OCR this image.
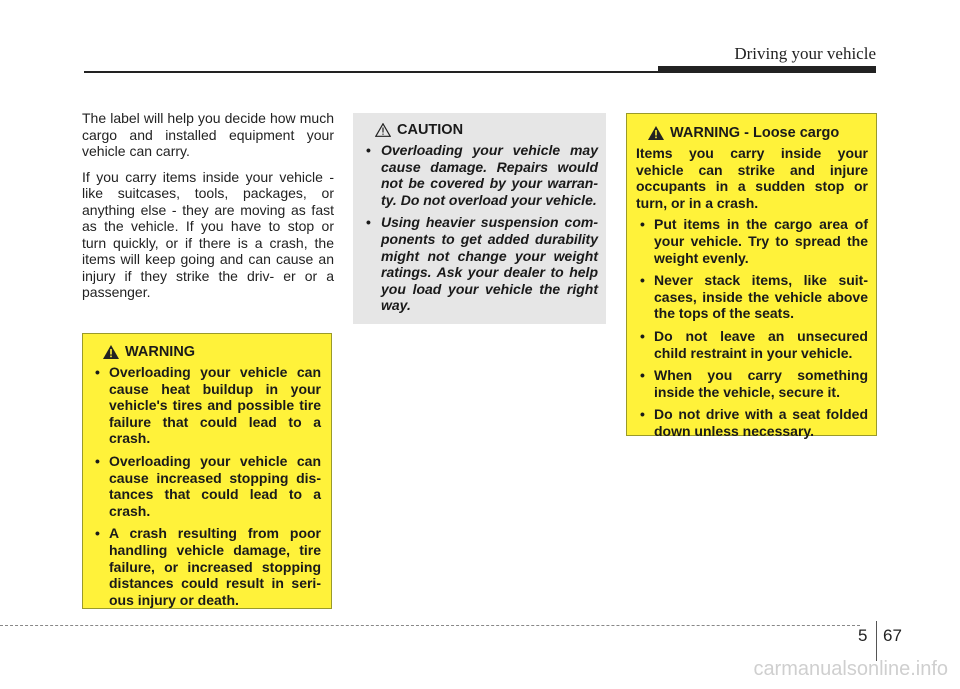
Driving your vehicle

The label will help you decide how much cargo and installed equipment your vehicle can carry.

If you carry items inside your vehicle - like suitcases, tools, packages, or anything else - they are moving as fast as the vehicle. If you have to stop or turn quickly, or if there is a crash, the items will keep going and can cause an injury if they strike the driv- er or a passenger.

WARNING
• Overloading your vehicle can cause heat buildup in your vehicle's tires and possible tire failure that could lead to a crash.
• Overloading your vehicle can cause increased stopping dis- tances that could lead to a crash.
• A crash resulting from poor handling vehicle damage, tire failure, or increased stopping distances could result in seri- ous injury or death.
CAUTION
• Overloading your vehicle may cause damage. Repairs would not be covered by your warran- ty. Do not overload your vehicle.
• Using heavier suspension com- ponents to get added durability might not change your weight ratings. Ask your dealer to help you load your vehicle the right way.
WARNING - Loose cargo

Items you carry inside your vehicle can strike and injure occupants in a sudden stop or turn, or in a crash.

• Put items in the cargo area of your vehicle. Try to spread the weight evenly.
• Never stack items, like suit- cases, inside the vehicle above the tops of the seats.
• Do not leave an unsecured child restraint in your vehicle.
• When you carry something inside the vehicle, secure it.
• Do not drive with a seat folded down unless necessary.
5 67
carmanualsonline.info
